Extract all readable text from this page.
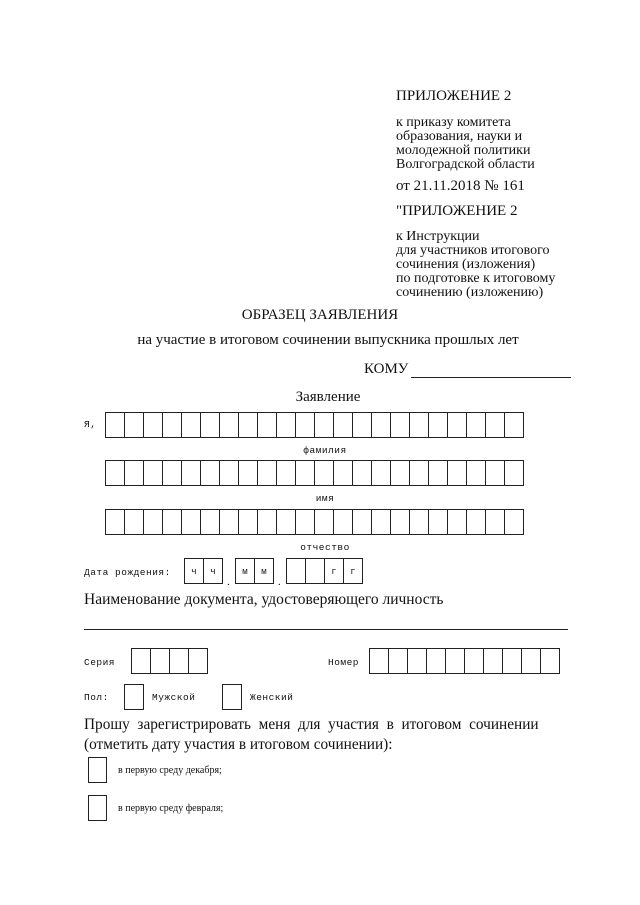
ПРИЛОЖЕНИЕ 2
к приказу комитета
образования, науки и
молодежной политики
Волгоградской области
от 21.11.2018 № 161
"ПРИЛОЖЕНИЕ 2
к Инструкции
для участников итогового
сочинения (изложения)
по подготовке к итоговому
сочинению (изложению)
ОБРАЗЕЦ ЗАЯВЛЕНИЯ
на участие в итоговом сочинении выпускника прошлых лет
КОМУ
Заявление
Я,
фамилия
имя
отчество
Дата рождения:	ч	ч
.
м	м
.
г	г
Наименование документа, удостоверяющего личность
Серия	Номер
Пол:	Мужской	Женский
Прошу  зарегистрировать  меня  для  участия  в  итоговом  сочинении
(отметить дату участия в итоговом сочинении):
в первую среду декабря;
в первую среду февраля;
